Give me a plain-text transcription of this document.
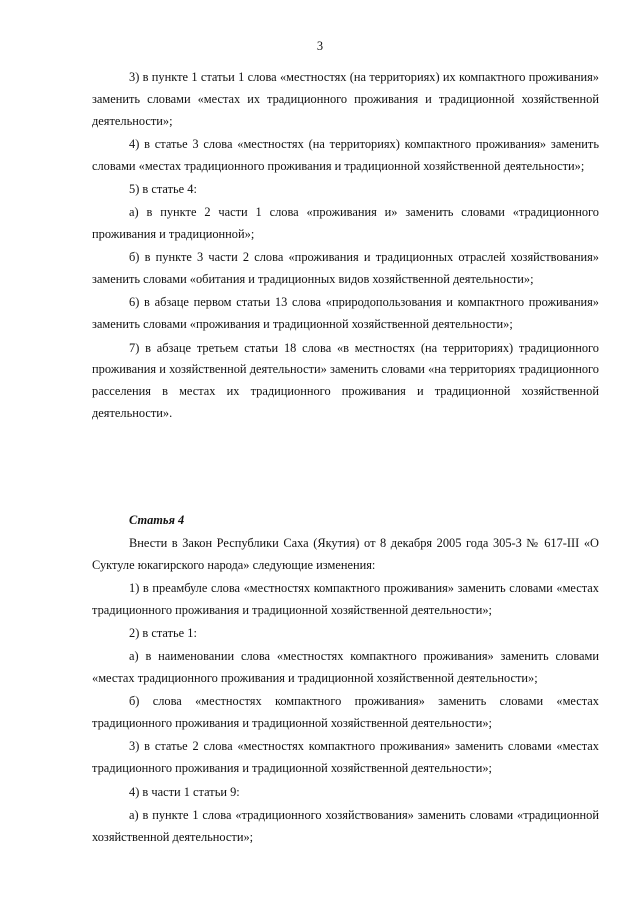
3

3) в пункте 1 статьи 1 слова «местностях (на территориях) их компактного проживания» заменить словами «местах их традиционного проживания и традиционной хозяйственной деятельности»;

4) в статье 3 слова «местностях (на территориях) компактного проживания» заменить словами «местах традиционного проживания и традиционной хозяйственной деятельности»;

5) в статье 4:

а) в пункте 2 части 1 слова «проживания и» заменить словами «традиционного проживания и традиционной»;

б) в пункте 3 части 2 слова «проживания и традиционных отраслей хозяйствования» заменить словами «обитания и традиционных видов хозяйственной деятельности»;

6) в абзаце первом статьи 13 слова «природопользования и компактного проживания» заменить словами «проживания и традиционной хозяйственной деятельности»;

7) в абзаце третьем статьи 18 слова «в местностях (на территориях) традиционного проживания и хозяйственной деятельности» заменить словами «на территориях традиционного расселения в местах их традиционного проживания и традиционной хозяйственной деятельности».

Статья 4

Внести в Закон Республики Саха (Якутия) от 8 декабря 2005 года 305-З № 617-III «О Суктуле юкагирского народа» следующие изменения:

1) в преамбуле слова «местностях компактного проживания» заменить словами «местах традиционного проживания и традиционной хозяйственной деятельности»;

2) в статье 1:

а) в наименовании слова «местностях компактного проживания» заменить словами «местах традиционного проживания и традиционной хозяйственной деятельности»;

б) слова «местностях компактного проживания» заменить словами «местах традиционного проживания и традиционной хозяйственной деятельности»;

3) в статье 2 слова «местностях компактного проживания» заменить словами «местах традиционного проживания и традиционной хозяйственной деятельности»;

4) в части 1 статьи 9:

а) в пункте 1 слова «традиционного хозяйствования» заменить словами «традиционной хозяйственной деятельности»;
